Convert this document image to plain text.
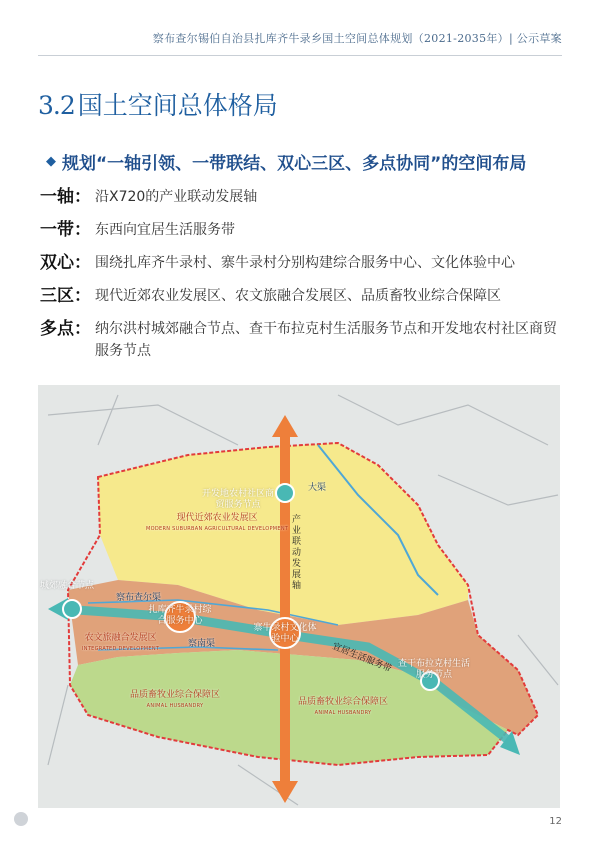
察布查尔锡伯自治县扎库齐牛录乡国土空间总体规划（2021-2035年）| 公示草案
3.2 国土空间总体格局
◆ 规划“一轴引领、一带联结、双心三区、多点协同”的空间布局
一轴： 沿X720的产业联动发展轴
一带： 东西向宜居生活服务带
双心： 围绕扎库齐牛录村、寨牛录村分别构建综合服务中心、文化体验中心
三区： 现代近郊农业发展区、农文旅融合发展区、品质畜牧业综合保障区
多点： 纳尔洪村城郊融合节点、查干布拉克村生活服务节点和开发地农村社区商贸服务节点
现代近郊农业发展区
MODERN SUBURBAN AGRICULTURAL DEVELOPMENT
农文旅融合发展区
INTEGRATED DEVELOPMENT
品质畜牧业综合保障区
ANIMAL HUSBANDRY	品质畜牧业综合保障区
ANIMAL HUSBANDRY
开发地农村社区商贸服务节点
城郊融合节点
扎库齐牛录村综合服务中心
寨牛录村文化体验中心
查干布拉克村生活服务节点
产业联动发展轴
宜居生活服务带
察布查尔渠
察南渠
大渠
12
